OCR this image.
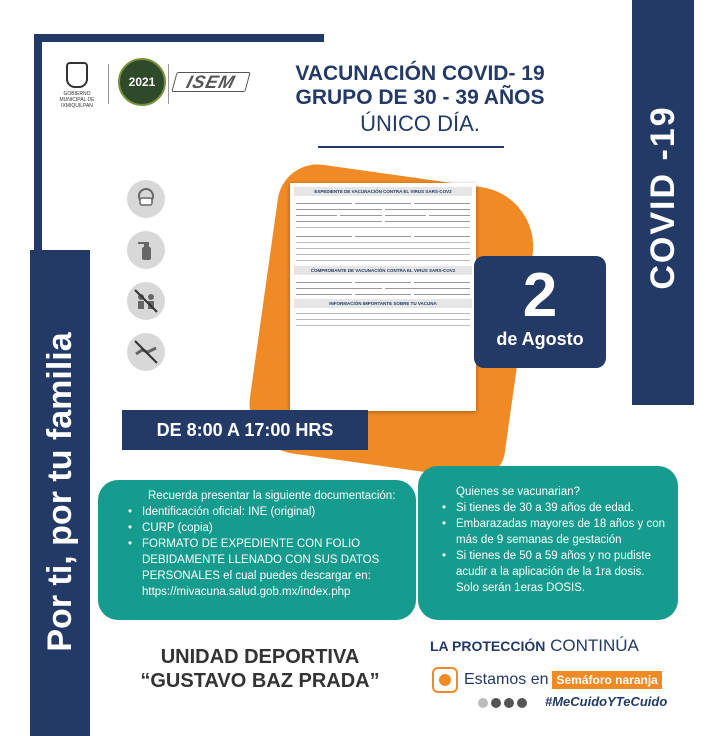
Por ti, por tu familia
COVID -19
GOBIERNO MUNICIPAL DE IXMIQUILPAN
2021	ISEM	VACUNACIÓN COVID- 19
GRUPO DE 30 - 39 AÑOS
ÚNICO DÍA.
EXPEDIENTE DE VACUNACIÓN CONTRA EL VIRUS SARS-COV2
COMPROBANTE DE VACUNACIÓN CONTRA EL VIRUS SARS-COV2
INFORMACIÓN IMPORTANTE SOBRE TU VACUNA	2
de Agosto
DE 8:00 A 17:00 HRS
Recuerda presentar la siguiente documentación:
• Identificación oficial: INE (original)
• CURP (copia)
• FORMATO DE EXPEDIENTE CON FOLIO DEBIDAMENTE LLENADO CON SUS DATOS PERSONALES el cual puedes descargar en: https://mivacuna.salud.gob.mx/index.php
Quienes se vacunarian?
• Si tienes de 30 a 39 años de edad.
• Embarazadas mayores de 18 años y con más de 9 semanas de gestación
• Si tienes de 50 a 59 años y no pudiste acudir a la aplicación de la 1ra dosis. Solo serán 1eras DOSIS.
UNIDAD DEPORTIVA
“GUSTAVO BAZ PRADA”
LA PROTECCIÓN CONTINÚA
Estamos en Semáforo naranja
#MeCuidoYTeCuido
